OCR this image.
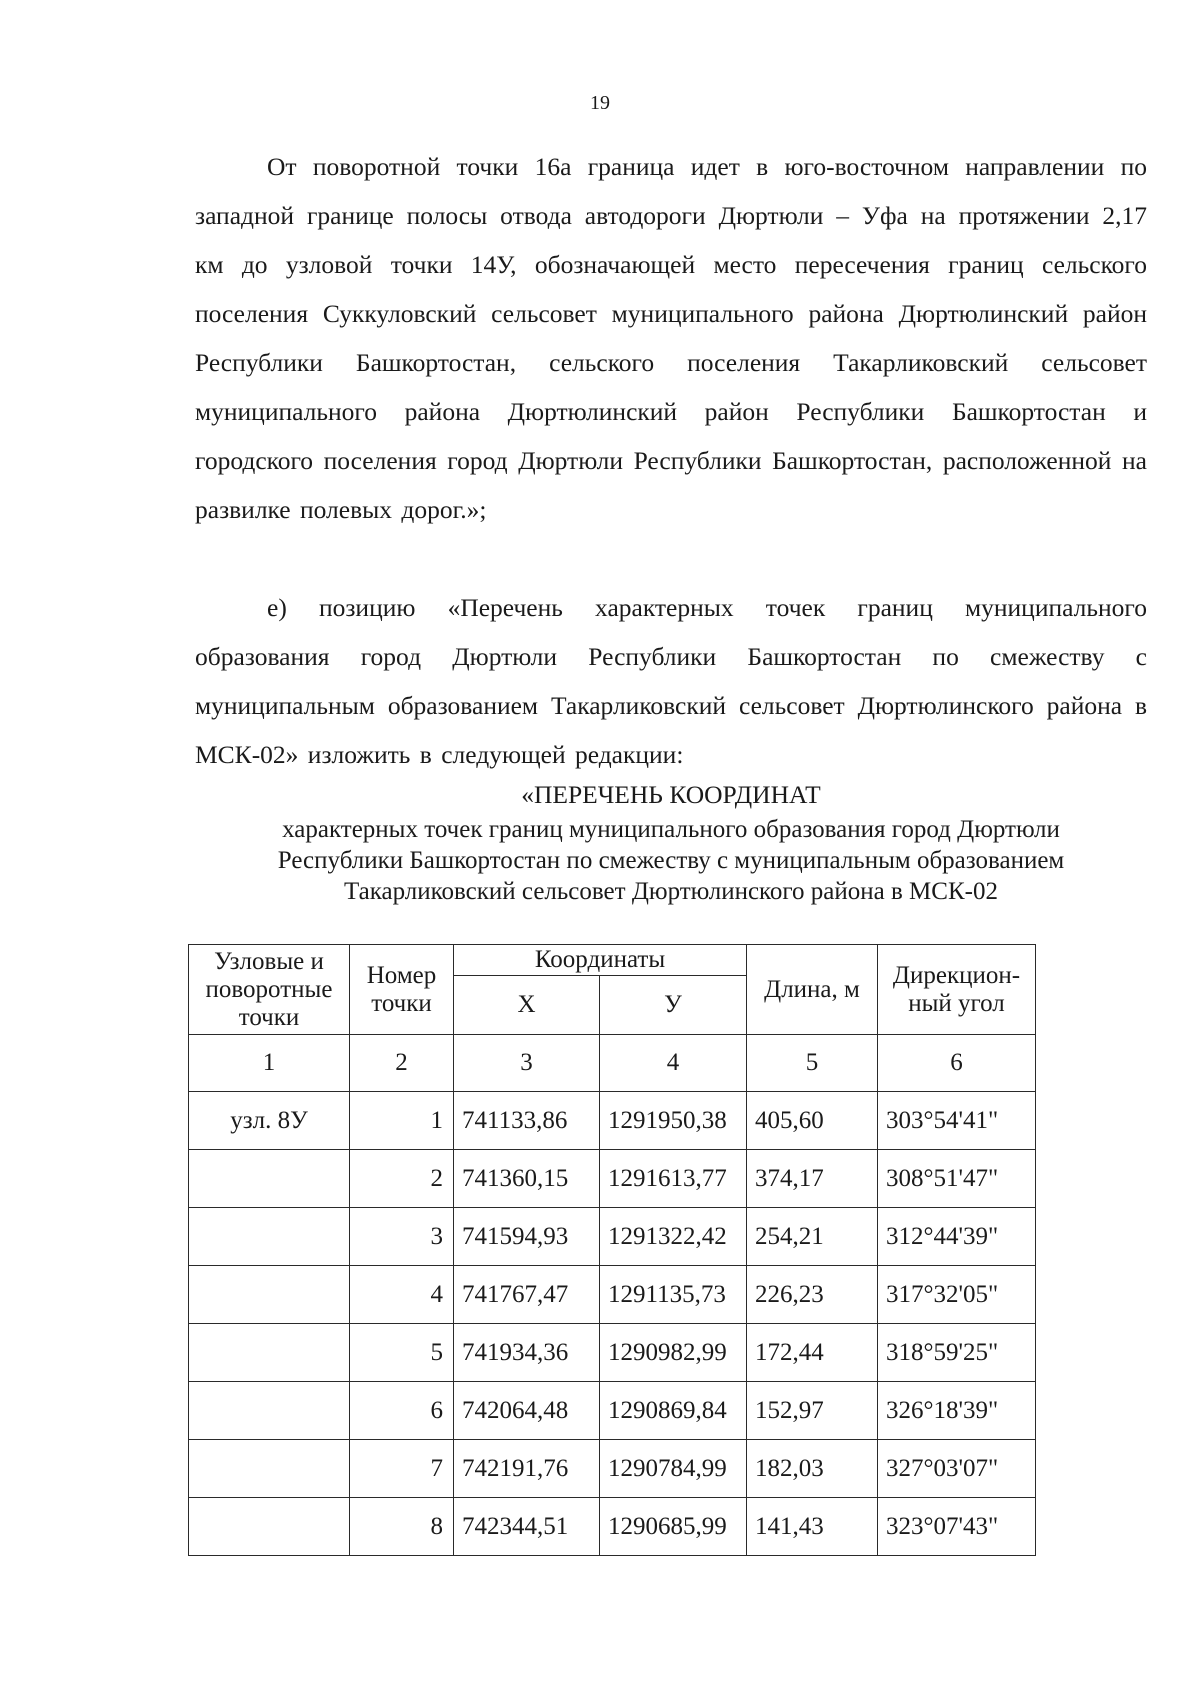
19
От поворотной точки 16а граница идет в юго-восточном направлении по западной границе полосы отвода автодороги Дюртюли – Уфа на протяжении 2,17 км до узловой точки 14У, обозначающей место пересечения границ сельского поселения Суккуловский сельсовет муниципального района Дюртюлинский район Республики Башкортостан, сельского поселения Такарликовский сельсовет муниципального района Дюртюлинский район Республики Башкортостан и городского поселения город Дюртюли Республики Башкортостан, расположенной на развилке полевых дорог.»;
е) позицию «Перечень характерных точек границ муниципального образования город Дюртюли Республики Башкортостан по смежеству с муниципальным образованием Такарликовский сельсовет Дюртюлинского района в МСК-02» изложить в следующей редакции:
«ПЕРЕЧЕНЬ КООРДИНАТ
характерных точек границ муниципального образования город Дюртюли
Республики Башкортостан по смежеству с муниципальным образованием
Такарликовский сельсовет Дюртюлинского района в МСК-02
Узловые и поворотные точки	Номер точки	Координаты		Длина, м	Дирекцион-ный угол
		Х	У		
1	2	3	4	5	6
узл. 8У	1	741133,86	1291950,38	405,60	303°54'41"
	2	741360,15	1291613,77	374,17	308°51'47"
	3	741594,93	1291322,42	254,21	312°44'39"
	4	741767,47	1291135,73	226,23	317°32'05"
	5	741934,36	1290982,99	172,44	318°59'25"
	6	742064,48	1290869,84	152,97	326°18'39"
	7	742191,76	1290784,99	182,03	327°03'07"
	8	742344,51	1290685,99	141,43	323°07'43"
